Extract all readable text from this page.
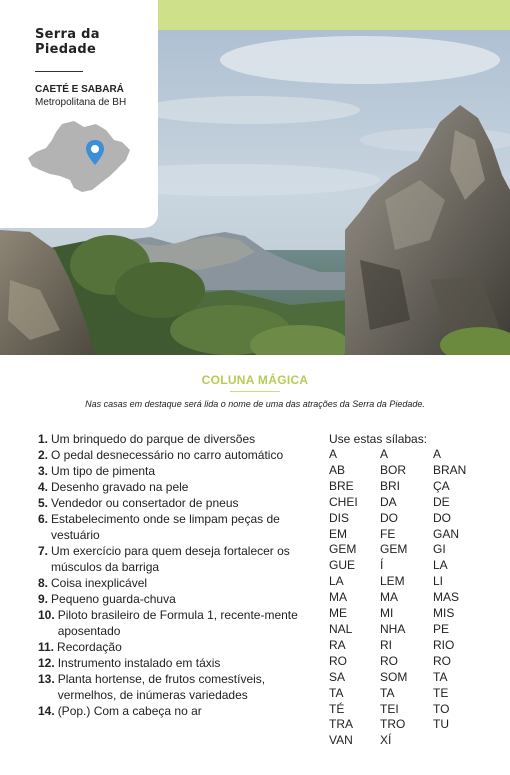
Serra da
Piedade
CAETÉ E SABARÁ
Metropolitana de BH
COLUNA MÁGICA
Nas casas em destaque será lida o nome de uma das atrações da Serra da Piedade.
1. Um brinquedo do parque de diversões
2. O pedal desnecessário no carro automático
3. Um tipo de pimenta
4. Desenho gravado na pele
5. Vendedor ou consertador de pneus
6. Estabelecimento onde se limpam peças de vestuário
7. Um exercício para quem deseja fortalecer os músculos da barriga
8. Coisa inexplicável
9. Pequeno guarda-chuva
10. Piloto brasileiro de Formula 1, recente-mente aposentado
11. Recordação
12. Instrumento instalado em táxis
13. Planta hortense, de frutos comestíveis, vermelhos, de inúmeras variedades
14. (Pop.) Com a cabeça no ar
Use estas sílabas:
A
AB
BRE
CHEI
DIS
EM
GEM
GUE
LA
MA
ME
NAL
RA
RO
SA
TA
TÉ
TRA
VAN
A
BOR
BRI
DA
DO
FE
GEM
Í
LEM
MA
MI
NHA
RI
RO
SOM
TA
TEI
TRO
XÍ
A
BRAN
ÇA
DE
DO
GAN
GI
LA
LI
MAS
MIS
PE
RIO
RO
TA
TE
TO
TU
